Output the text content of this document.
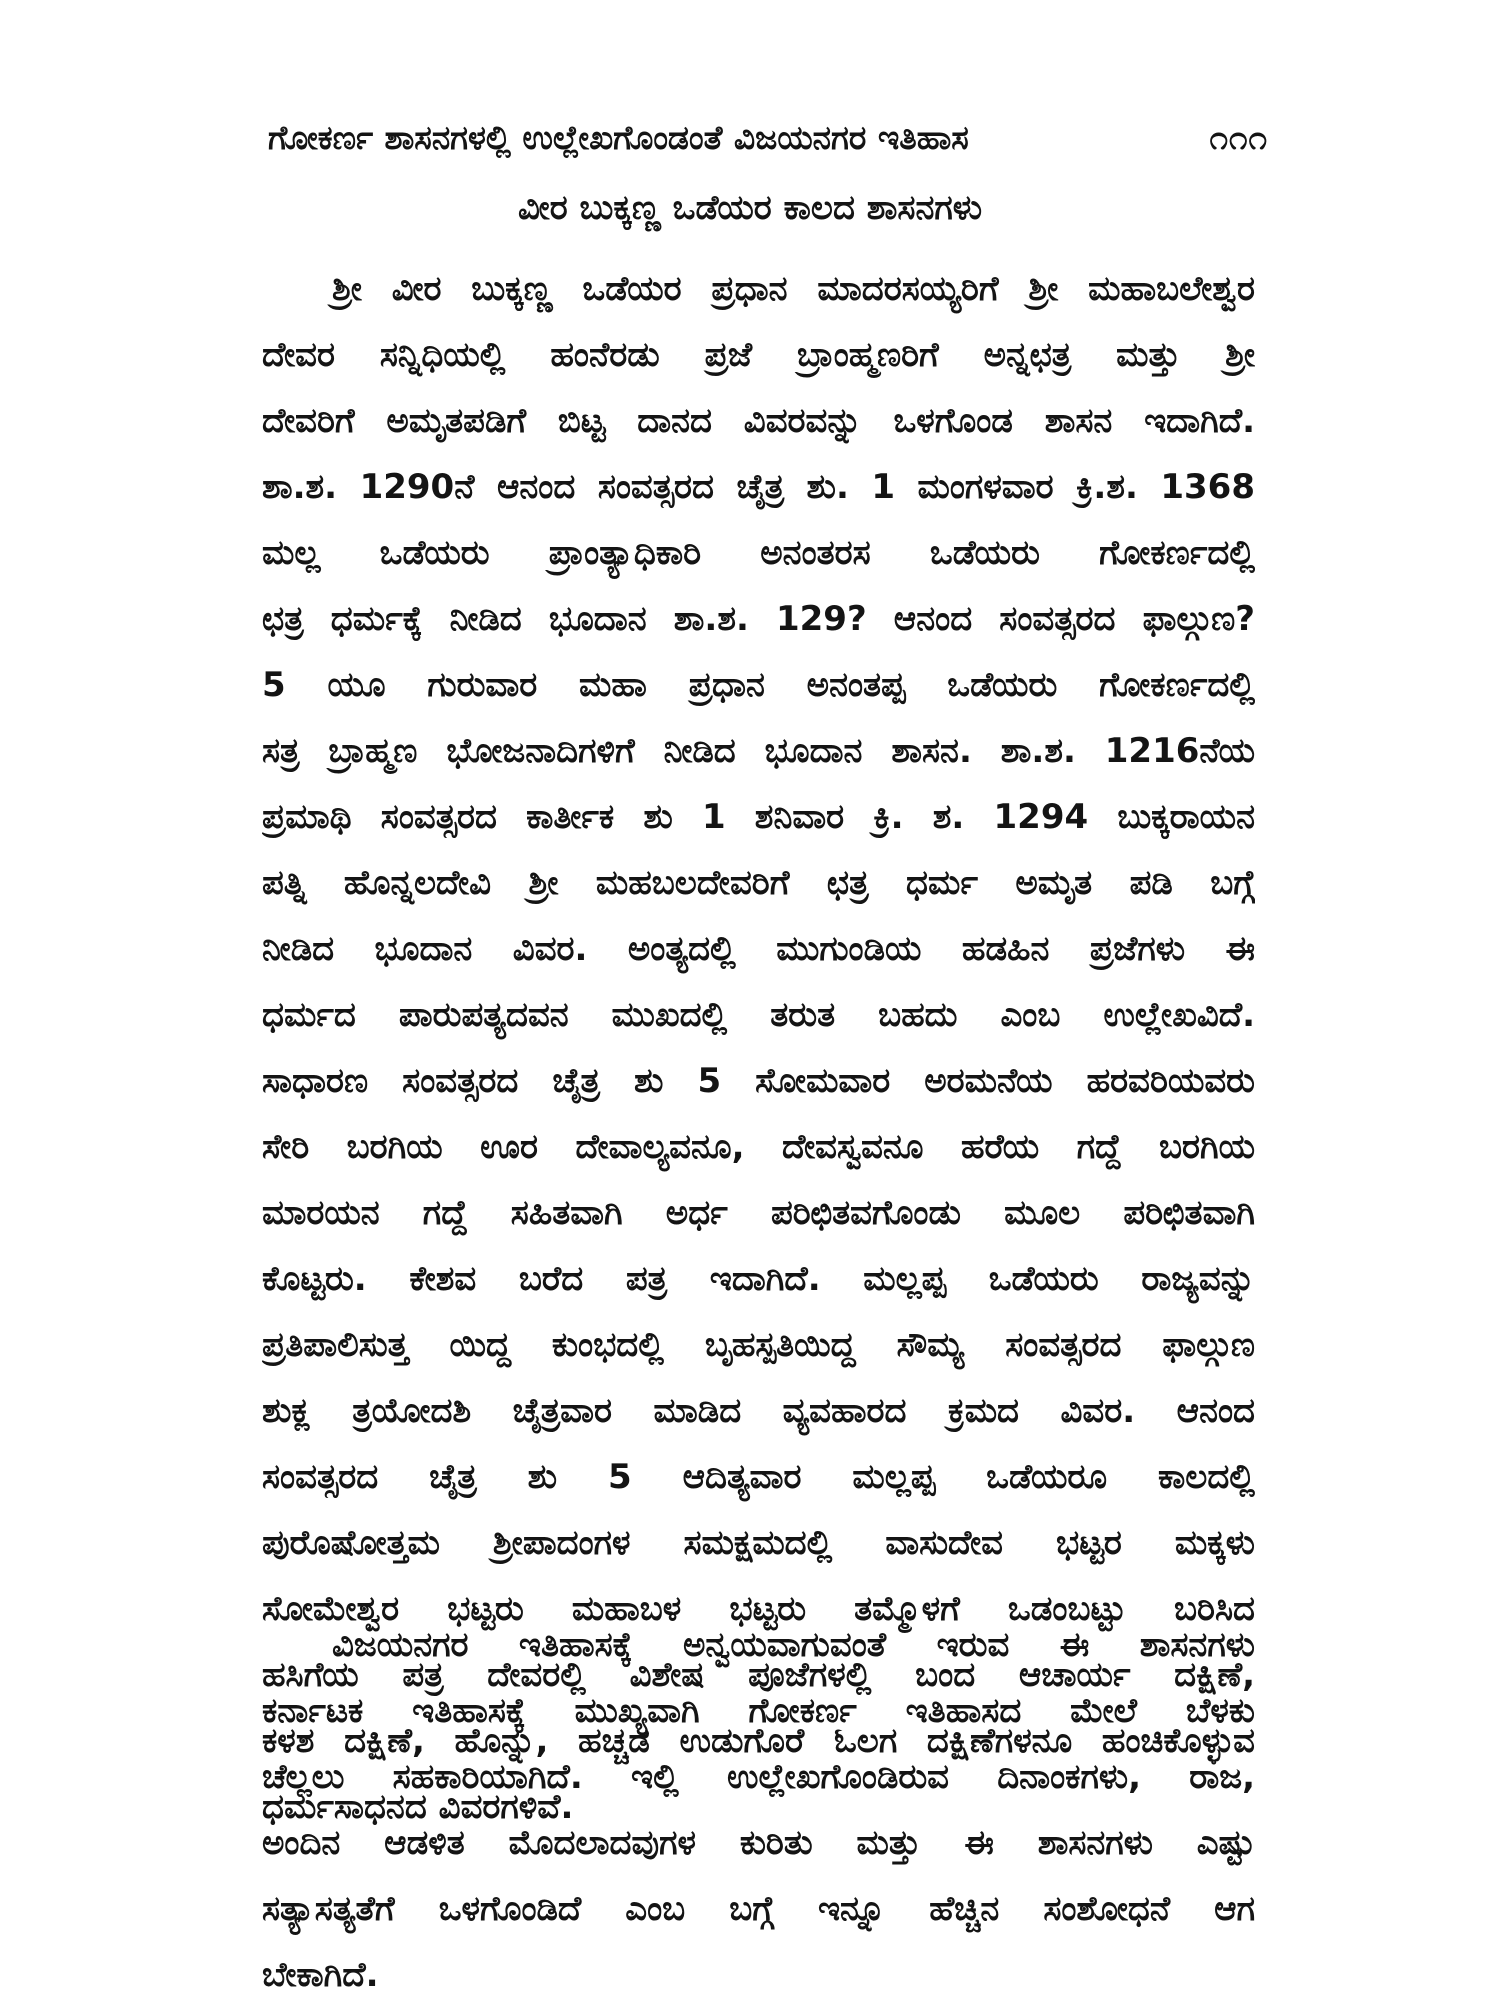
ಗೋಕರ್ಣ ಶಾಸನಗಳಲ್ಲಿ ಉಲ್ಲೇಖಗೊಂಡಂತೆ ವಿಜಯನಗರ ಇತಿಹಾಸ	೧೧೧
ವೀರ ಬುಕ್ಕಣ್ಣ ಒಡೆಯರ ಕಾಲದ ಶಾಸನಗಳು
ಶ್ರೀ ವೀರ ಬುಕ್ಕಣ್ಣ ಒಡೆಯರ ಪ್ರಧಾನ ಮಾದರಸಯ್ಯರಿಗೆ ಶ್ರೀ ಮಹಾಬಲೇಶ್ವರ
ದೇವರ ಸನ್ನಿಧಿಯಲ್ಲಿ ಹಂನೆರಡು ಪ್ರಜೆ ಬ್ರಾಂಹ್ಮಣರಿಗೆ ಅನ್ನಛತ್ರ ಮತ್ತು ಶ್ರೀ
ದೇವರಿಗೆ ಅಮೃತಪಡಿಗೆ ಬಿಟ್ಟ ದಾನದ ವಿವರವನ್ನು ಒಳಗೊಂಡ ಶಾಸನ ಇದಾಗಿದೆ.
ಶಾ.ಶ. 1290ನೆ ಆನಂದ ಸಂವತ್ಸರದ ಚೈತ್ರ ಶು. 1 ಮಂಗಳವಾರ ಕ್ರಿ.ಶ. 1368
ಮಲ್ಲ ಒಡೆಯರು ಪ್ರಾಂತ್ಯಾಧಿಕಾರಿ ಅನಂತರಸ ಒಡೆಯರು ಗೋಕರ್ಣದಲ್ಲಿ
ಛತ್ರ ಧರ್ಮಕ್ಕೆ ನೀಡಿದ ಭೂದಾನ ಶಾ.ಶ. 129? ಆನಂದ ಸಂವತ್ಸರದ ಫಾಲ್ಗುಣ?
5 ಯೂ ಗುರುವಾರ ಮಹಾ ಪ್ರಧಾನ ಅನಂತಪ್ಪ ಒಡೆಯರು ಗೋಕರ್ಣದಲ್ಲಿ
ಸತ್ರ ಬ್ರಾಹ್ಮಣ ಭೋಜನಾದಿಗಳಿಗೆ ನೀಡಿದ ಭೂದಾನ ಶಾಸನ. ಶಾ.ಶ. 1216ನೆಯ
ಪ್ರಮಾಥಿ ಸಂವತ್ಸರದ ಕಾರ್ತೀಕ ಶು 1 ಶನಿವಾರ ಕ್ರಿ. ಶ. 1294 ಬುಕ್ಕರಾಯನ
ಪತ್ನಿ ಹೊನ್ನಲದೇವಿ ಶ್ರೀ ಮಹಬಲದೇವರಿಗೆ ಛತ್ರ ಧರ್ಮ ಅಮೃತ ಪಡಿ ಬಗ್ಗೆ
ನೀಡಿದ ಭೂದಾನ ವಿವರ. ಅಂತ್ಯದಲ್ಲಿ ಮುಗುಂಡಿಯ ಹಡಹಿನ ಪ್ರಜೆಗಳು ಈ
ಧರ್ಮದ ಪಾರುಪತ್ಯದವನ ಮುಖದಲ್ಲಿ ತರುತ ಬಹದು ಎಂಬ ಉಲ್ಲೇಖವಿದೆ.
ಸಾಧಾರಣ ಸಂವತ್ಸರದ ಚೈತ್ರ ಶು 5 ಸೋಮವಾರ ಅರಮನೆಯ ಹರವರಿಯವರು
ಸೇರಿ ಬರಗಿಯ ಊರ ದೇವಾಲ್ಯವನೂ, ದೇವಸ್ವವನೂ ಹರೆಯ ಗದ್ದೆ ಬರಗಿಯ
ಮಾರಯನ ಗದ್ದೆ ಸಹಿತವಾಗಿ ಅರ್ಧ ಪರಿಛಿತವಗೊಂಡು ಮೂಲ ಪರಿಛಿತವಾಗಿ
ಕೊಟ್ಟರು. ಕೇಶವ ಬರೆದ ಪತ್ರ ಇದಾಗಿದೆ. ಮಲ್ಲಪ್ಪ ಒಡೆಯರು ರಾಜ್ಯವನ್ನು
ಪ್ರತಿಪಾಲಿಸುತ್ತ ಯಿದ್ದ ಕುಂಭದಲ್ಲಿ ಬೃಹಸ್ಪತಿಯಿದ್ದ ಸೌಮ್ಯ ಸಂವತ್ಸರದ ಫಾಲ್ಗುಣ
ಶುಕ್ಲ ತ್ರಯೋದಶಿ ಚೈತ್ರವಾರ ಮಾಡಿದ ವ್ಯವಹಾರದ ಕ್ರಮದ ವಿವರ. ಆನಂದ
ಸಂವತ್ಸರದ ಚೈತ್ರ ಶು 5 ಆದಿತ್ಯವಾರ ಮಲ್ಲಪ್ಪ ಒಡೆಯರೂ ಕಾಲದಲ್ಲಿ
ಪುರೊಷೋತ್ತಮ ಶ್ರೀಪಾದಂಗಳ ಸಮಕ್ಷಮದಲ್ಲಿ ವಾಸುದೇವ ಭಟ್ಟರ ಮಕ್ಕಳು
ಸೋಮೇಶ್ವರ ಭಟ್ಟರು ಮಹಾಬಳ ಭಟ್ಟರು ತಮ್ಮೊಳಗೆ ಒಡಂಬಟ್ಟು ಬರಿಸಿದ
ಹಸಿಗೆಯ ಪತ್ರ ದೇವರಲ್ಲಿ ವಿಶೇಷ ಪೂಜೆಗಳಲ್ಲಿ ಬಂದ ಆಚಾರ್ಯ ದಕ್ಷಿಣೆ,
ಕಳಶ ದಕ್ಷಿಣೆ, ಹೊನ್ನು, ಹಚ್ಚಡ ಉಡುಗೊರೆ ಓಲಗ ದಕ್ಷಿಣೆಗಳನೂ ಹಂಚಿಕೊಳ್ಳುವ
ಧರ್ಮಸಾಧನದ ವಿವರಗಳಿವೆ.
ವಿಜಯನಗರ ಇತಿಹಾಸಕ್ಕೆ ಅನ್ವಯವಾಗುವಂತೆ ಇರುವ ಈ ಶಾಸನಗಳು
ಕರ್ನಾಟಕ ಇತಿಹಾಸಕ್ಕೆ ಮುಖ್ಯವಾಗಿ ಗೋಕರ್ಣ ಇತಿಹಾಸದ ಮೇಲೆ ಬೆಳಕು
ಚೆಲ್ಲಲು ಸಹಕಾರಿಯಾಗಿದೆ. ಇಲ್ಲಿ ಉಲ್ಲೇಖಗೊಂಡಿರುವ ದಿನಾಂಕಗಳು, ರಾಜ,
ಅಂದಿನ ಆಡಳಿತ ಮೊದಲಾದವುಗಳ ಕುರಿತು ಮತ್ತು ಈ ಶಾಸನಗಳು ಎಷ್ಟು
ಸತ್ಯಾಸತ್ಯತೆಗೆ ಒಳಗೊಂಡಿದೆ ಎಂಬ ಬಗ್ಗೆ ಇನ್ನೂ ಹೆಚ್ಚಿನ ಸಂಶೋಧನೆ ಆಗ
ಬೇಕಾಗಿದೆ.
